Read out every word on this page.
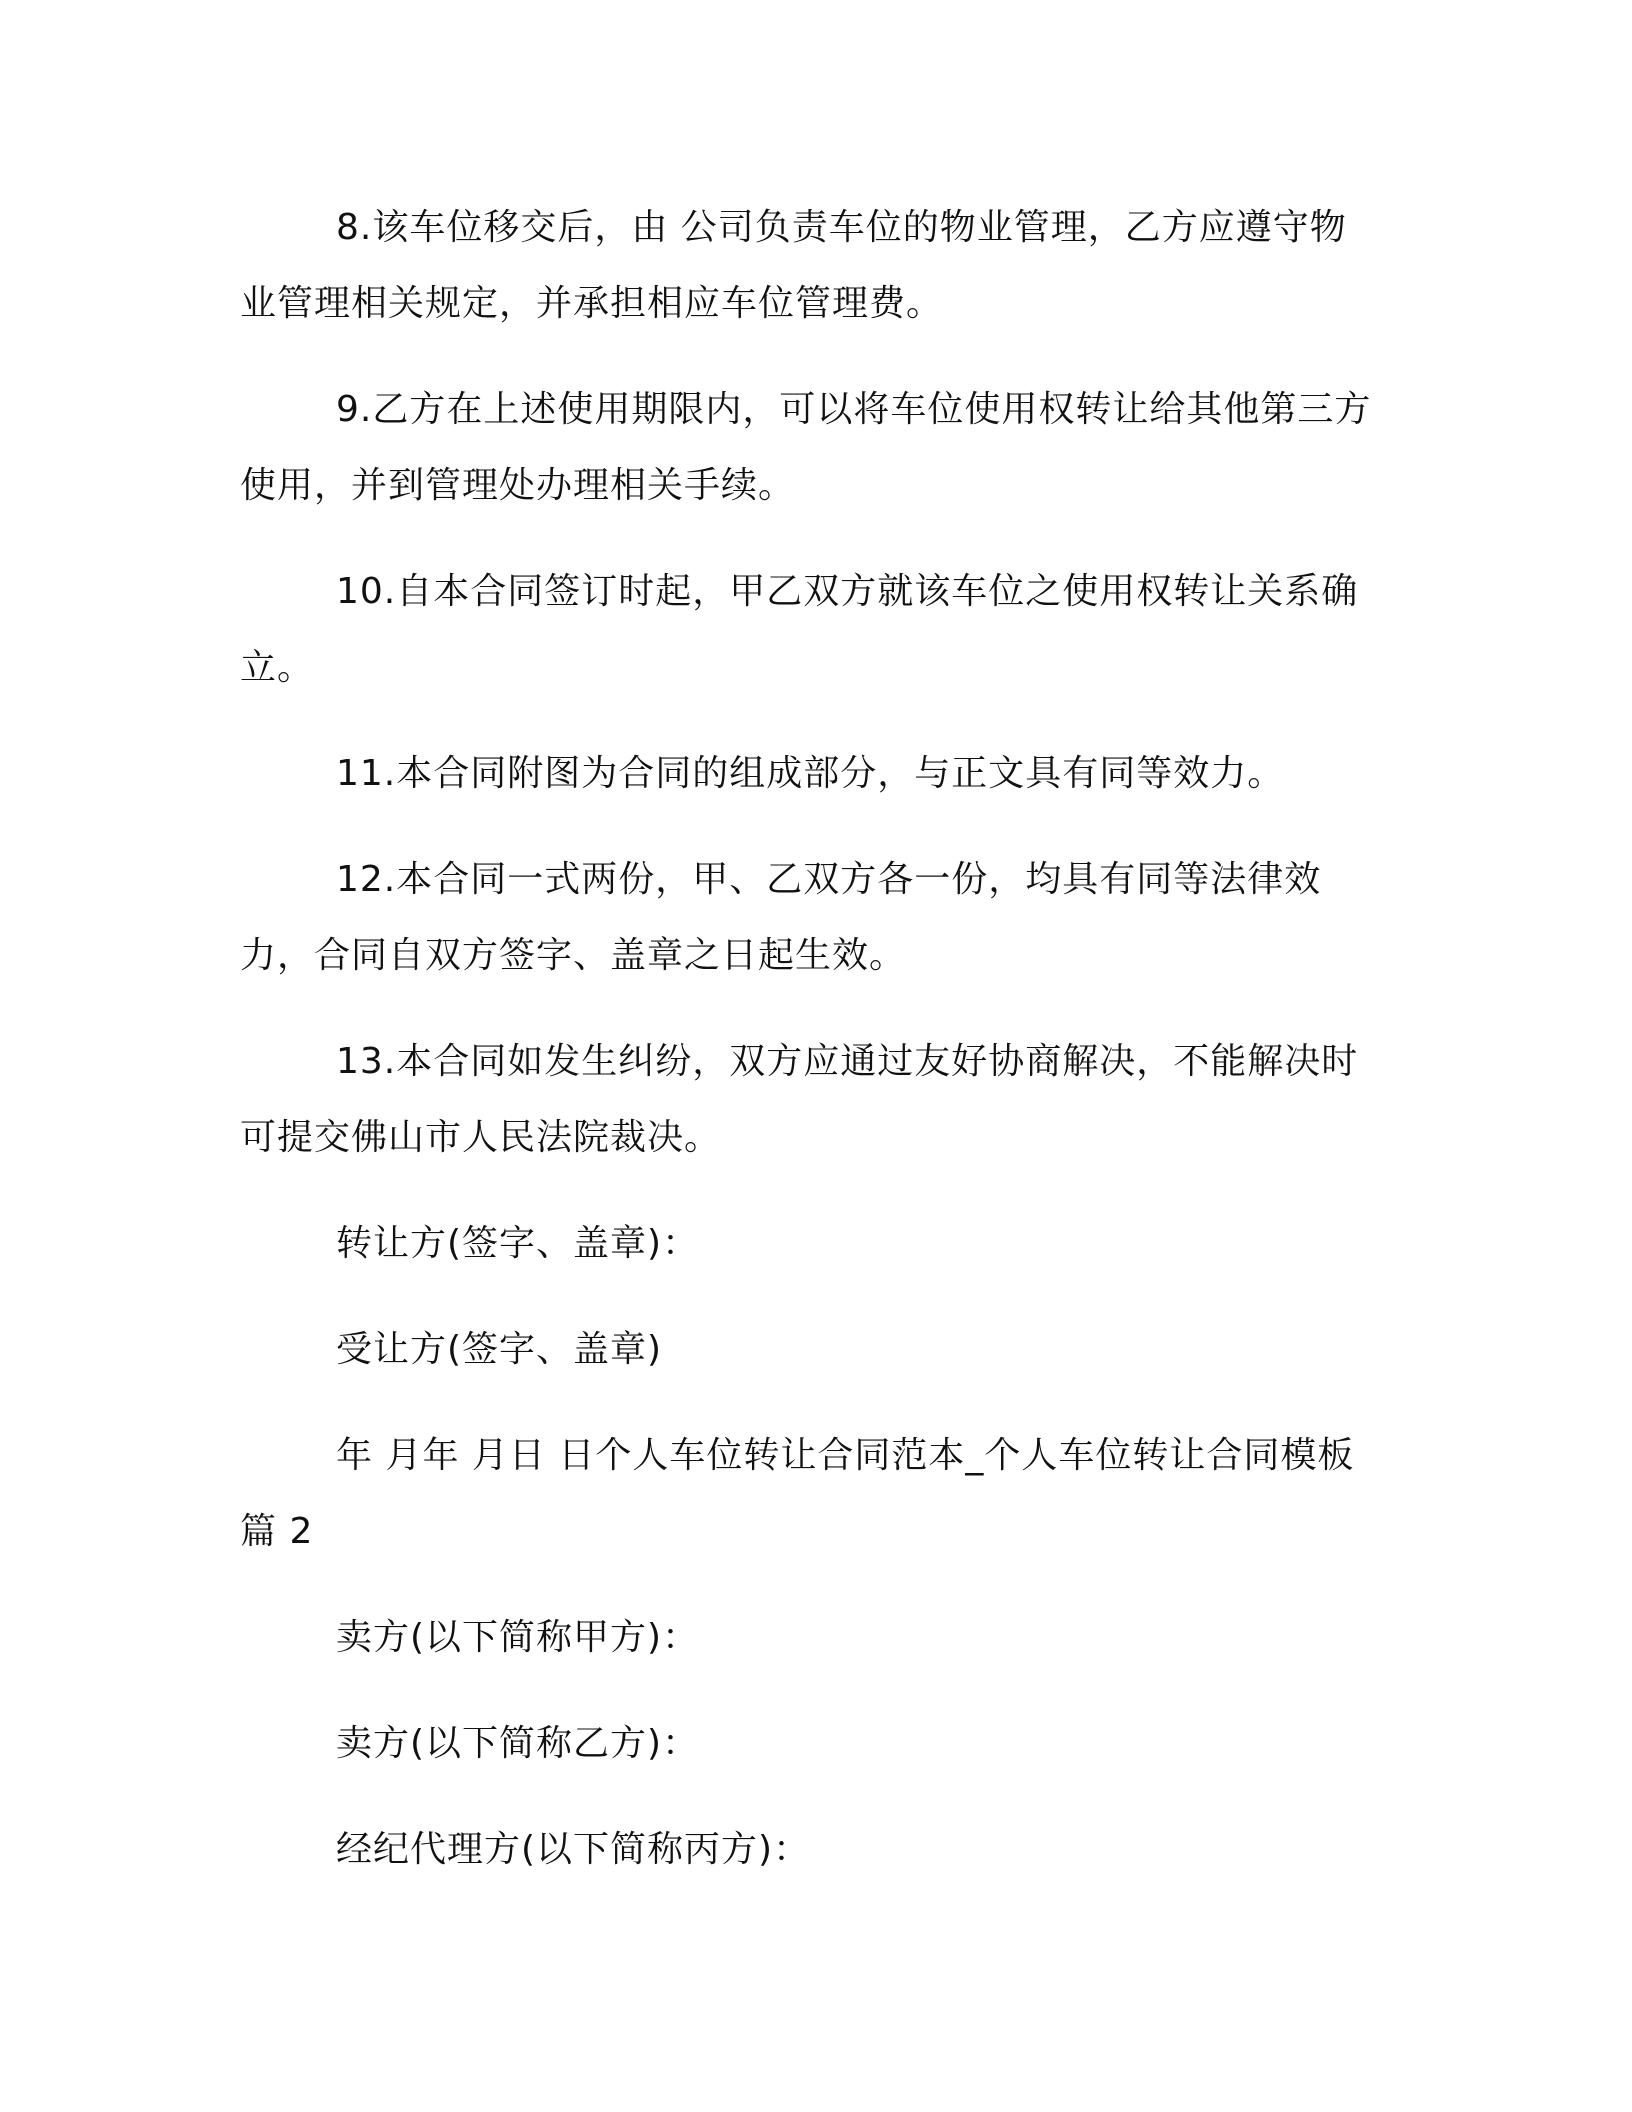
8.该车位移交后，由 公司负责车位的物业管理，乙方应遵守物业管理相关规定，并承担相应车位管理费。

9.乙方在上述使用期限内，可以将车位使用权转让给其他第三方使用，并到管理处办理相关手续。

10.自本合同签订时起，甲乙双方就该车位之使用权转让关系确立。

11.本合同附图为合同的组成部分，与正文具有同等效力。

12.本合同一式两份，甲、乙双方各一份，均具有同等法律效力，合同自双方签字、盖章之日起生效。

13.本合同如发生纠纷，双方应通过友好协商解决，不能解决时可提交佛山市人民法院裁决。

转让方(签字、盖章)：

受让方(签字、盖章)

年 月年 月日 日个人车位转让合同范本_个人车位转让合同模板篇 2

卖方(以下简称甲方)：

卖方(以下简称乙方)：

经纪代理方(以下简称丙方)：
